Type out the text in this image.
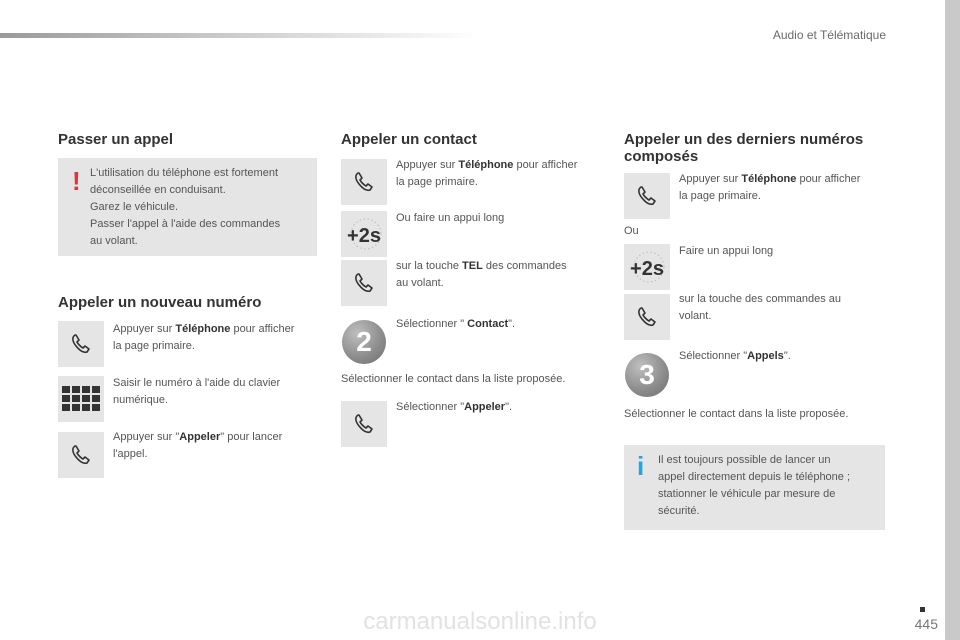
Audio et Télématique
Passer un appel
! L'utilisation du téléphone est fortement
déconseillée en conduisant.
Garez le véhicule.
Passer l'appel à l'aide des commandes
au volant.
Appeler un nouveau numéro
Appuyer sur Téléphone pour afficher
la page primaire.
Saisir le numéro à l'aide du clavier
numérique.
Appuyer sur "Appeler" pour lancer
l'appel.
Appeler un contact
Appuyer sur Téléphone pour afficher
la page primaire.
+2s
Ou faire un appui long
sur la touche TEL des commandes
au volant.
2
Sélectionner " Contact".
Sélectionner le contact dans la liste proposée.
Sélectionner "Appeler".
Appeler un des derniers numéros
composés
Appuyer sur Téléphone pour afficher
la page primaire.
Ou
+2s
Faire un appui long
sur la touche des commandes au
volant.
3
Sélectionner "Appels".
Sélectionner le contact dans la liste proposée.
i Il est toujours possible de lancer un
appel directement depuis le téléphone ;
stationner le véhicule par mesure de
sécurité.
445
carmanualsonline.info
